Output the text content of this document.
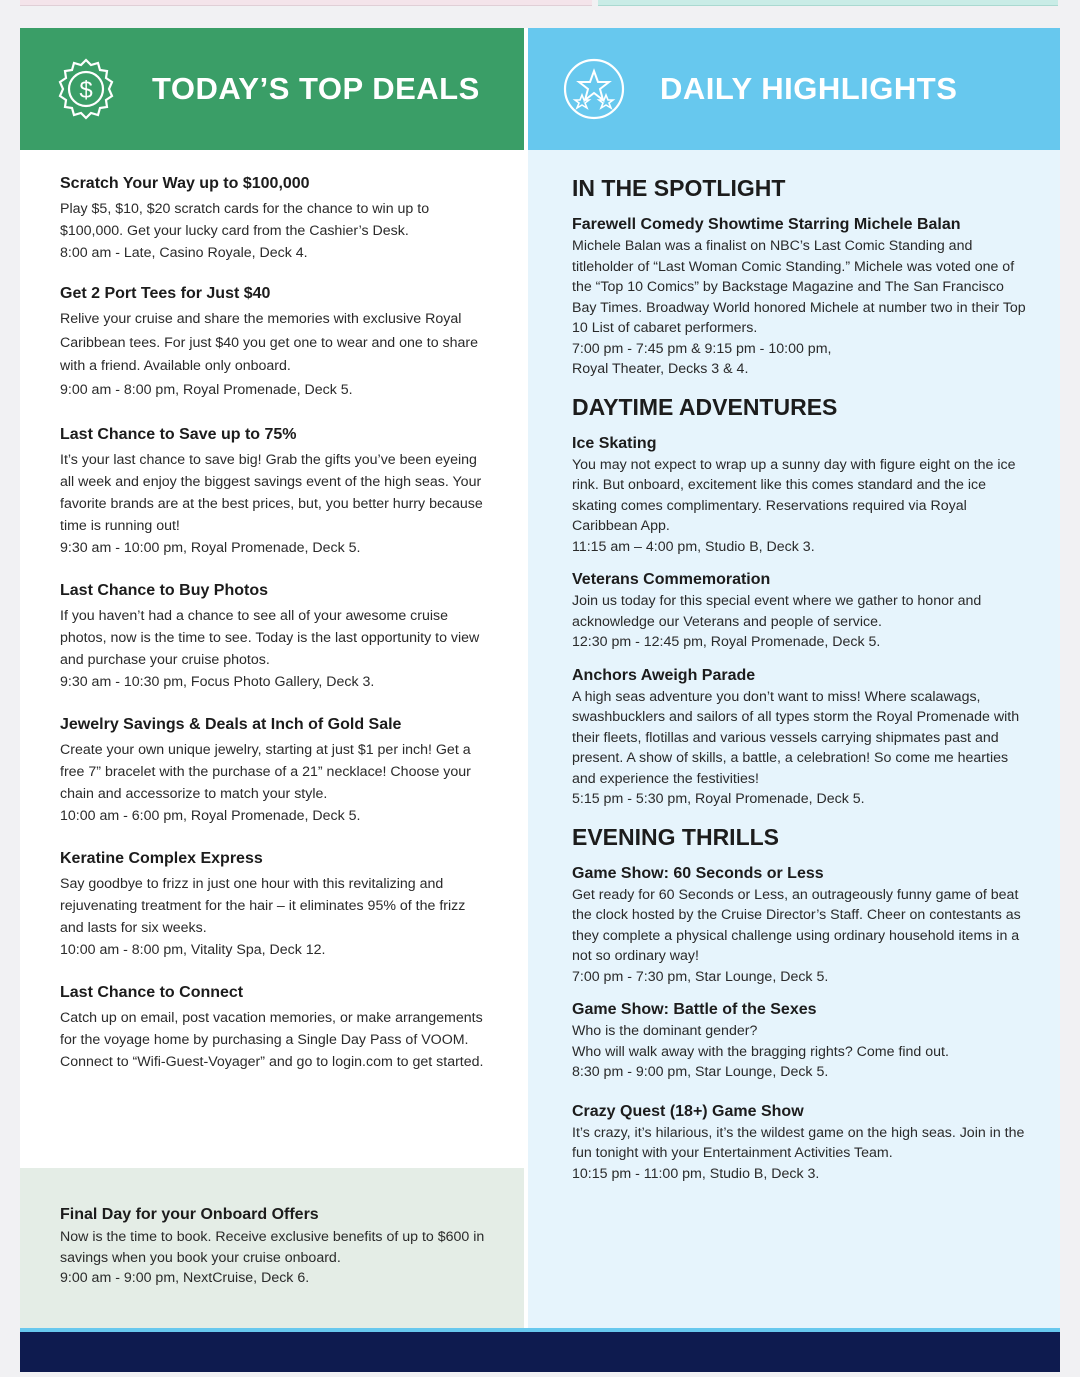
$ TODAY’S TOP DEALS
Scratch Your Way up to $100,000

Play $5, $10, $20 scratch cards for the chance to win up to $100,000. Get your lucky card from the Cashier’s Desk.

8:00 am - Late, Casino Royale, Deck 4.

Get 2 Port Tees for Just $40

Relive your cruise and share the memories with exclusive Royal Caribbean tees. For just $40 you get one to wear and one to share with a friend. Available only onboard.

9:00 am - 8:00 pm, Royal Promenade, Deck 5.

Last Chance to Save up to 75%

It’s your last chance to save big! Grab the gifts you’ve been eyeing all week and enjoy the biggest savings event of the high seas. Your favorite brands are at the best prices, but, you better hurry because time is running out!

9:30 am - 10:00 pm, Royal Promenade, Deck 5.

Last Chance to Buy Photos

If you haven’t had a chance to see all of your awesome cruise photos, now is the time to see. Today is the last opportunity to view and purchase your cruise photos.

9:30 am - 10:30 pm, Focus Photo Gallery, Deck 3.

Jewelry Savings & Deals at Inch of Gold Sale

Create your own unique jewelry, starting at just $1 per inch! Get a free 7” bracelet with the purchase of a 21” necklace! Choose your chain and accessorize to match your style.

10:00 am - 6:00 pm, Royal Promenade, Deck 5.

Keratine Complex Express

Say goodbye to frizz in just one hour with this revitalizing and rejuvenating treatment for the hair – it eliminates 95% of the frizz and lasts for six weeks.

10:00 am - 8:00 pm, Vitality Spa, Deck 12.

Last Chance to Connect

Catch up on email, post vacation memories, or make arrangements for the voyage home by purchasing a Single Day Pass of VOOM. Connect to “Wifi-Guest-Voyager” and go to login.com to get started.

Final Day for your Onboard Offers

Now is the time to book. Receive exclusive benefits of up to $600 in savings when you book your cruise onboard.

9:00 am - 9:00 pm, NextCruise, Deck 6.

DAILY HIGHLIGHTS
IN THE SPOTLIGHT
Farewell Comedy Showtime Starring Michele Balan

Michele Balan was a finalist on NBC’s Last Comic Standing and titleholder of “Last Woman Comic Standing.” Michele was voted one of the “Top 10 Comics” by Backstage Magazine and The San Francisco Bay Times. Broadway World honored Michele at number two in their Top 10 List of cabaret performers.

7:00 pm - 7:45 pm & 9:15 pm - 10:00 pm,

Royal Theater, Decks 3 & 4.

DAYTIME ADVENTURES
Ice Skating

You may not expect to wrap up a sunny day with figure eight on the ice rink. But onboard, excitement like this comes standard and the ice skating comes complimentary. Reservations required via Royal Caribbean App.

11:15 am – 4:00 pm, Studio B, Deck 3.

Veterans Commemoration

Join us today for this special event where we gather to honor and acknowledge our Veterans and people of service.

12:30 pm - 12:45 pm, Royal Promenade, Deck 5.

Anchors Aweigh Parade

A high seas adventure you don’t want to miss! Where scalawags, swashbucklers and sailors of all types storm the Royal Promenade with their fleets, flotillas and various vessels carrying shipmates past and present. A show of skills, a battle, a celebration! So come me hearties and experience the festivities!

5:15 pm - 5:30 pm, Royal Promenade, Deck 5.

EVENING THRILLS
Game Show: 60 Seconds or Less

Get ready for 60 Seconds or Less, an outrageously funny game of beat the clock hosted by the Cruise Director’s Staff. Cheer on contestants as they complete a physical challenge using ordinary household items in a not so ordinary way!

7:00 pm - 7:30 pm, Star Lounge, Deck 5.

Game Show: Battle of the Sexes

Who is the dominant gender?

Who will walk away with the bragging rights? Come find out.

8:30 pm - 9:00 pm, Star Lounge, Deck 5.

Crazy Quest (18+) Game Show

It’s crazy, it’s hilarious, it’s the wildest game on the high seas. Join in the fun tonight with your Entertainment Activities Team.

10:15 pm - 11:00 pm, Studio B, Deck 3.
